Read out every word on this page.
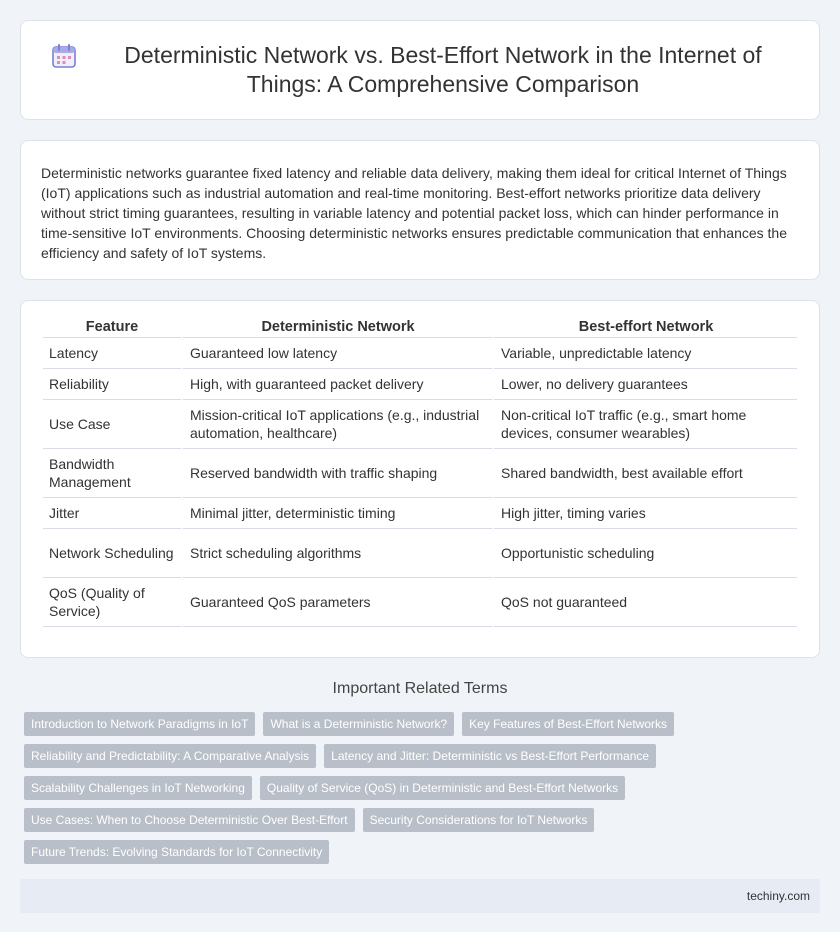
Deterministic Network vs. Best-Effort Network in the Internet of Things: A Comprehensive Comparison

Deterministic networks guarantee fixed latency and reliable data delivery, making them ideal for critical Internet of Things (IoT) applications such as industrial automation and real-time monitoring. Best-effort networks prioritize data delivery without strict timing guarantees, resulting in variable latency and potential packet loss, which can hinder performance in time-sensitive IoT environments. Choosing deterministic networks ensures predictable communication that enhances the efficiency and safety of IoT systems.

Feature	Deterministic Network	Best-effort Network
Latency	Guaranteed low latency	Variable, unpredictable latency
Reliability	High, with guaranteed packet delivery	Lower, no delivery guarantees
Use Case	Mission-critical IoT applications (e.g., industrial automation, healthcare)	Non-critical IoT traffic (e.g., smart home devices, consumer wearables)
Bandwidth Management	Reserved bandwidth with traffic shaping	Shared bandwidth, best available effort
Jitter	Minimal jitter, deterministic timing	High jitter, timing varies
Network Scheduling	Strict scheduling algorithms	Opportunistic scheduling
QoS (Quality of Service)	Guaranteed QoS parameters	QoS not guaranteed
Important Related Terms
Introduction to Network Paradigms in IoT	What is a Deterministic Network?	Key Features of Best-Effort Networks
Reliability and Predictability: A Comparative Analysis	Latency and Jitter: Deterministic vs Best-Effort Performance
Scalability Challenges in IoT Networking	Quality of Service (QoS) in Deterministic and Best-Effort Networks
Use Cases: When to Choose Deterministic Over Best-Effort	Security Considerations for IoT Networks
Future Trends: Evolving Standards for IoT Connectivity
techiny.com
